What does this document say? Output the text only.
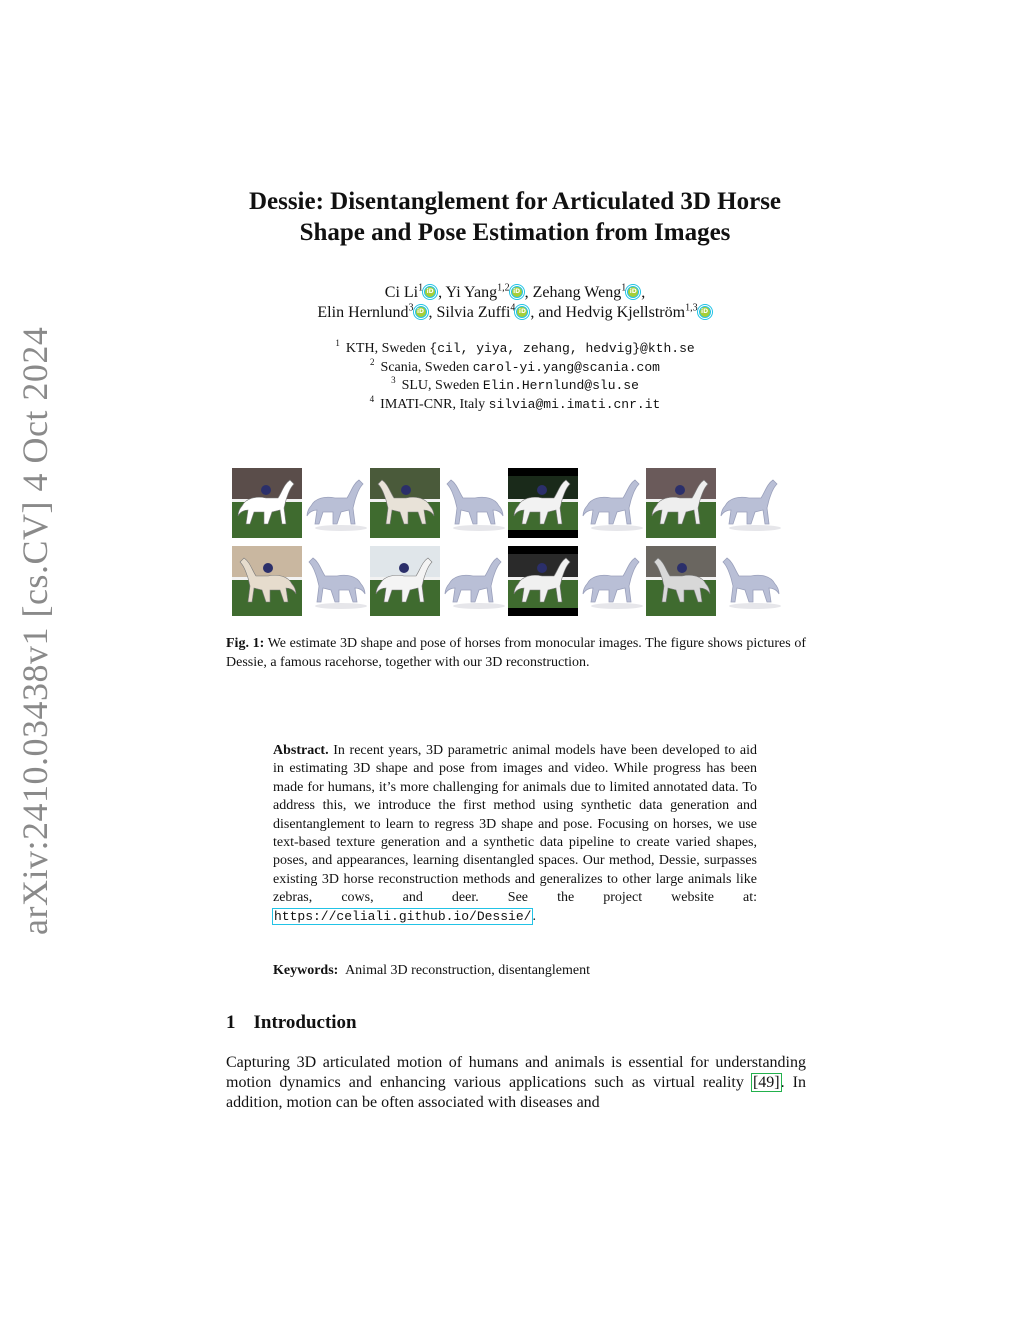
arXiv:2410.03438v1 [cs.CV] 4 Oct 2024
Dessie: Disentanglement for Articulated 3D Horse
Shape and Pose Estimation from Images
Ci Li$^1$ iD , Yi Yang$^{1,2}$ iD , Zehang Weng$^1$ iD ,
Elin Hernlund$^3$ iD , Silvia Zuffi$^4$ iD , and Hedvig Kjellström$^{1,3}$iD
$^1$ KTH, Sweden {cil, yiya, zehang, hedvig}@kth.se
$^2$ Scania, Sweden carol-yi.yang@scania.com
$^3$ SLU, Sweden Elin.Hernlund@slu.se
$^4$ IMATI-CNR, Italy silvia@mi.imati.cnr.it
Fig. 1: We estimate 3D shape and pose of horses from monocular images. The figure shows pictures of Dessie, a famous racehorse, together with our 3D reconstruction.
Abstract. In recent years, 3D parametric animal models have been developed to aid in estimating 3D shape and pose from images and video. While progress has been made for humans, it’s more challenging for animals due to limited annotated data. To address this, we introduce the first method using synthetic data generation and disentanglement to learn to regress 3D shape and pose. Focusing on horses, we use text-based texture generation and a synthetic data pipeline to create varied shapes, poses, and appearances, learning disentangled spaces. Our method, Dessie, surpasses existing 3D horse reconstruction methods and generalizes to other large animals like zebras, cows, and deer. See the project website at: https://celiali.github.io/Dessie/.
Keywords: Animal 3D reconstruction, disentanglement
1 Introduction
Capturing 3D articulated motion of humans and animals is essential for understanding motion dynamics and enhancing various applications such as virtual reality [49]. In addition, motion can be often associated with diseases and
